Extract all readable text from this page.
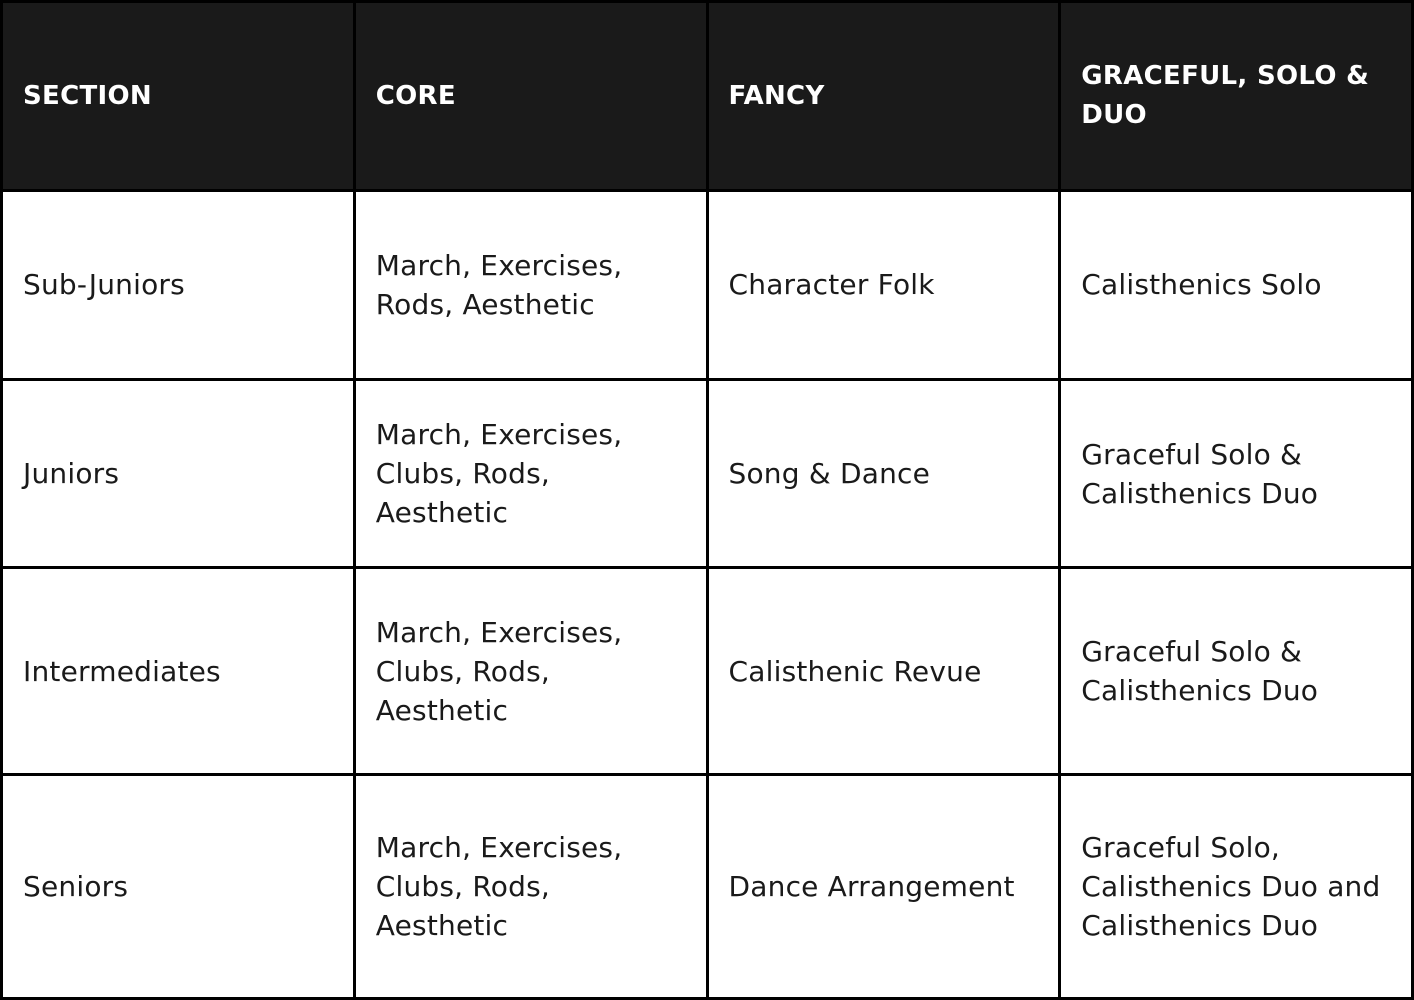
SECTION	CORE	FANCY	GRACEFUL, SOLO & DUO
Sub-Juniors	March, Exercises, Rods, Aesthetic	Character Folk	Calisthenics Solo
Juniors	March, Exercises, Clubs, Rods, Aesthetic	Song & Dance	Graceful Solo & Calisthenics Duo
Intermediates	March, Exercises, Clubs, Rods, Aesthetic	Calisthenic Revue	Graceful Solo & Calisthenics Duo
Seniors	March, Exercises, Clubs, Rods, Aesthetic	Dance Arrangement	Graceful Solo, Calisthenics Duo and Calisthenics Duo
